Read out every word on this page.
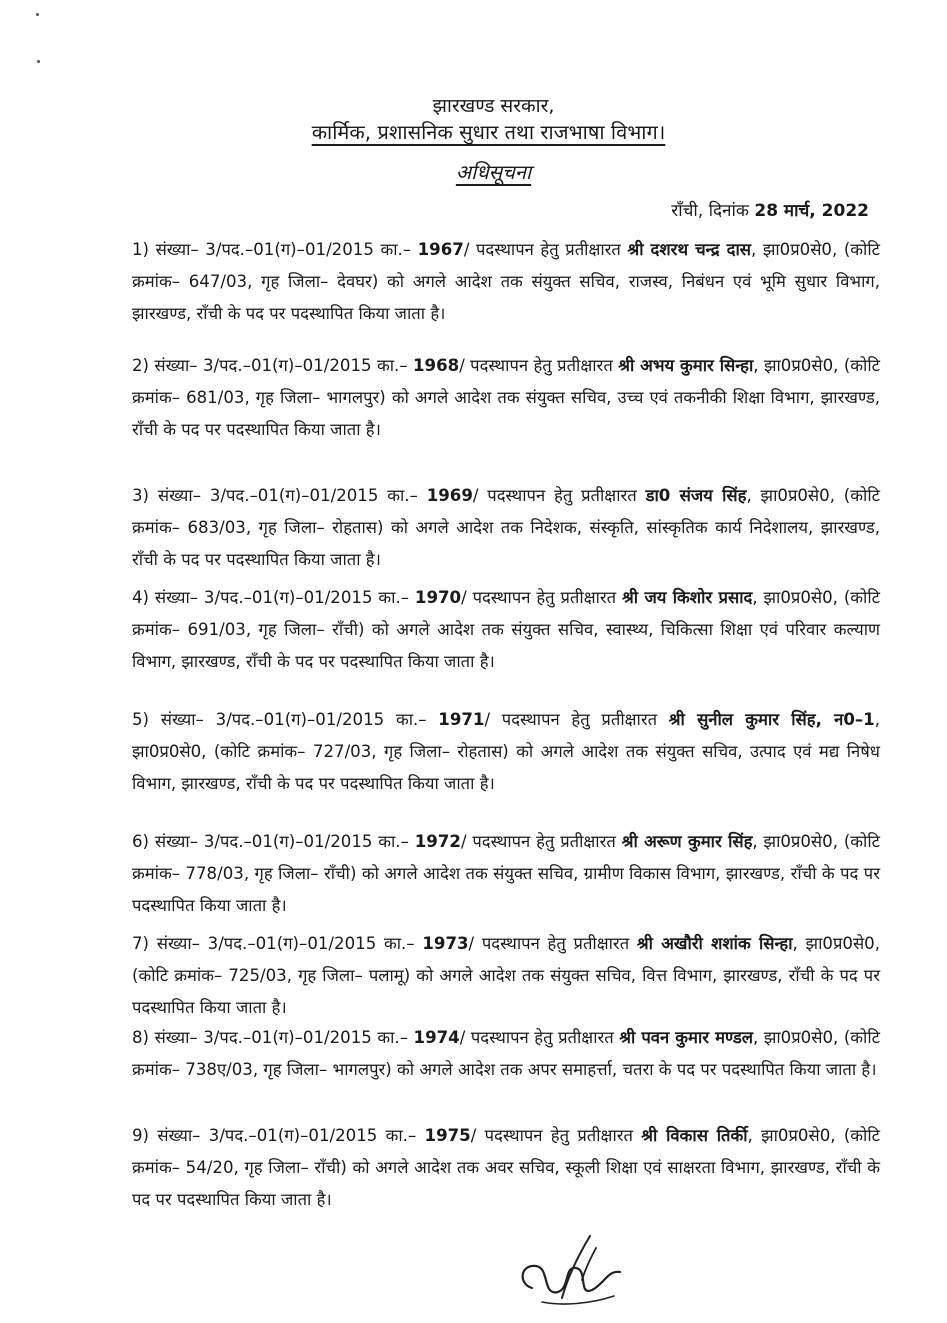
झारखण्ड सरकार,
कार्मिक, प्रशासनिक सुधार तथा राजभाषा विभाग।
अधिसूचना
राँची, दिनांक 28 मार्च, 2022
1) संख्या– 3/पद.–01(ग)–01/2015 का.– 1967/ पदस्थापन हेतु प्रतीक्षारत श्री दशरथ चन्द्र दास, झा0प्र0से0, (कोटि क्रमांक– 647/03, गृह जिला– देवघर) को अगले आदेश तक संयुक्त सचिव, राजस्व, निबंधन एवं भूमि सुधार विभाग, झारखण्ड, राँची के पद पर पदस्थापित किया जाता है।
2) संख्या– 3/पद.–01(ग)–01/2015 का.– 1968/ पदस्थापन हेतु प्रतीक्षारत श्री अभय कुमार सिन्हा, झा0प्र0से0, (कोटि क्रमांक– 681/03, गृह जिला– भागलपुर) को अगले आदेश तक संयुक्त सचिव, उच्च एवं तकनीकी शिक्षा विभाग, झारखण्ड, राँची के पद पर पदस्थापित किया जाता है।
3) संख्या– 3/पद.–01(ग)–01/2015 का.– 1969/ पदस्थापन हेतु प्रतीक्षारत डा0 संजय सिंह, झा0प्र0से0, (कोटि क्रमांक– 683/03, गृह जिला– रोहतास) को अगले आदेश तक निदेशक, संस्कृति, सांस्कृतिक कार्य निदेशालय, झारखण्ड, राँची के पद पर पदस्थापित किया जाता है।
4) संख्या– 3/पद.–01(ग)–01/2015 का.– 1970/ पदस्थापन हेतु प्रतीक्षारत श्री जय किशोर प्रसाद, झा0प्र0से0, (कोटि क्रमांक– 691/03, गृह जिला– राँची) को अगले आदेश तक संयुक्त सचिव, स्वास्थ्य, चिकित्सा शिक्षा एवं परिवार कल्याण विभाग, झारखण्ड, राँची के पद पर पदस्थापित किया जाता है।
5) संख्या– 3/पद.–01(ग)–01/2015 का.– 1971/ पदस्थापन हेतु प्रतीक्षारत श्री सुनील कुमार सिंह, न0–1, झा0प्र0से0, (कोटि क्रमांक– 727/03, गृह जिला– रोहतास) को अगले आदेश तक संयुक्त सचिव, उत्पाद एवं मद्य निषेध विभाग, झारखण्ड, राँची के पद पर पदस्थापित किया जाता है।
6) संख्या– 3/पद.–01(ग)–01/2015 का.– 1972/ पदस्थापन हेतु प्रतीक्षारत श्री अरूण कुमार सिंह, झा0प्र0से0, (कोटि क्रमांक– 778/03, गृह जिला– राँची) को अगले आदेश तक संयुक्त सचिव, ग्रामीण विकास विभाग, झारखण्ड, राँची के पद पर पदस्थापित किया जाता है।
7) संख्या– 3/पद.–01(ग)–01/2015 का.– 1973/ पदस्थापन हेतु प्रतीक्षारत श्री अखौरी शशांक सिन्हा, झा0प्र0से0, (कोटि क्रमांक– 725/03, गृह जिला– पलामू) को अगले आदेश तक संयुक्त सचिव, वित्त विभाग, झारखण्ड, राँची के पद पर पदस्थापित किया जाता है।
8) संख्या– 3/पद.–01(ग)–01/2015 का.– 1974/ पदस्थापन हेतु प्रतीक्षारत श्री पवन कुमार मण्डल, झा0प्र0से0, (कोटि क्रमांक– 738ए/03, गृह जिला– भागलपुर) को अगले आदेश तक अपर समाहर्त्ता, चतरा के पद पर पदस्थापित किया जाता है।
9) संख्या– 3/पद.–01(ग)–01/2015 का.– 1975/ पदस्थापन हेतु प्रतीक्षारत श्री विकास तिर्की, झा0प्र0से0, (कोटि क्रमांक– 54/20, गृह जिला– राँची) को अगले आदेश तक अवर सचिव, स्कूली शिक्षा एवं साक्षरता विभाग, झारखण्ड, राँची के पद पर पदस्थापित किया जाता है।
